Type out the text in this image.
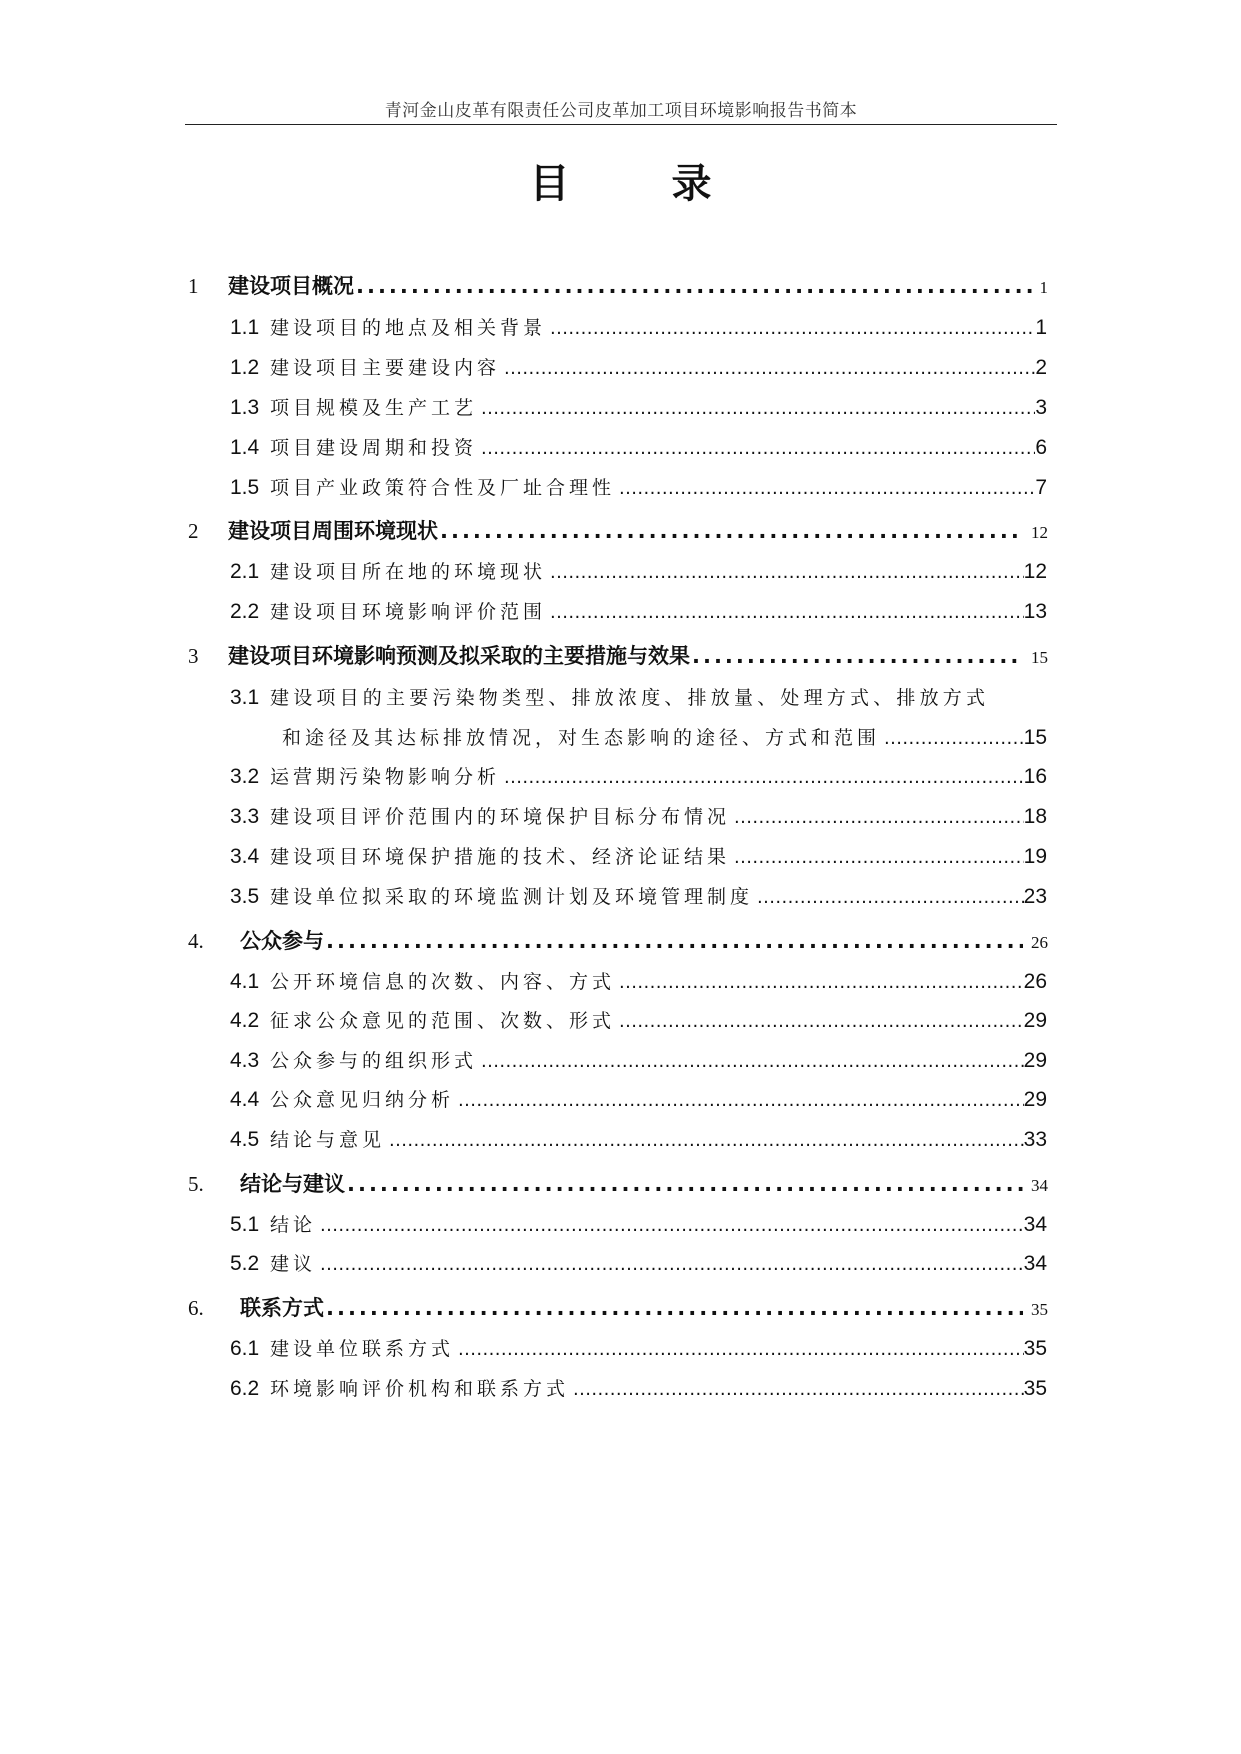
青河金山皮革有限责任公司皮革加工项目环境影响报告书简本
目 录
1	建设项目概况 .....	1
1.1 建设项目的地点及相关背景 .....	1
1.2 建设项目主要建设内容 .....	2
1.3 项目规模及生产工艺 .....	3
1.4 项目建设周期和投资 .....	6
1.5 项目产业政策符合性及厂址合理性 .....	7
2	建设项目周围环境现状 .....	12
2.1 建设项目所在地的环境现状 .....	12
2.2 建设项目环境影响评价范围 .....	13
3	建设项目环境影响预测及拟采取的主要措施与效果 .....	15
3.1 建设项目的主要污染物类型、排放浓度、排放量、处理方式、排放方式
和途径及其达标排放情况，对生态影响的途径、方式和范围 .....	15
3.2 运营期污染物影响分析 .....	16
3.3 建设项目评价范围内的环境保护目标分布情况 .....	18
3.4 建设项目环境保护措施的技术、经济论证结果 .....	19
3.5 建设单位拟采取的环境监测计划及环境管理制度 .....	23
4.	公众参与 .....	26
4.1 公开环境信息的次数、内容、方式 .....	26
4.2 征求公众意见的范围、次数、形式 .....	29
4.3 公众参与的组织形式 .....	29
4.4 公众意见归纳分析 .....	29
4.5 结论与意见 .....	33
5.	结论与建议 .....	34
5.1 结论 .....	34
5.2 建议 .....	34
6.	联系方式 .....	35
6.1 建设单位联系方式 .....	35
6.2 环境影响评价机构和联系方式 .....	35
